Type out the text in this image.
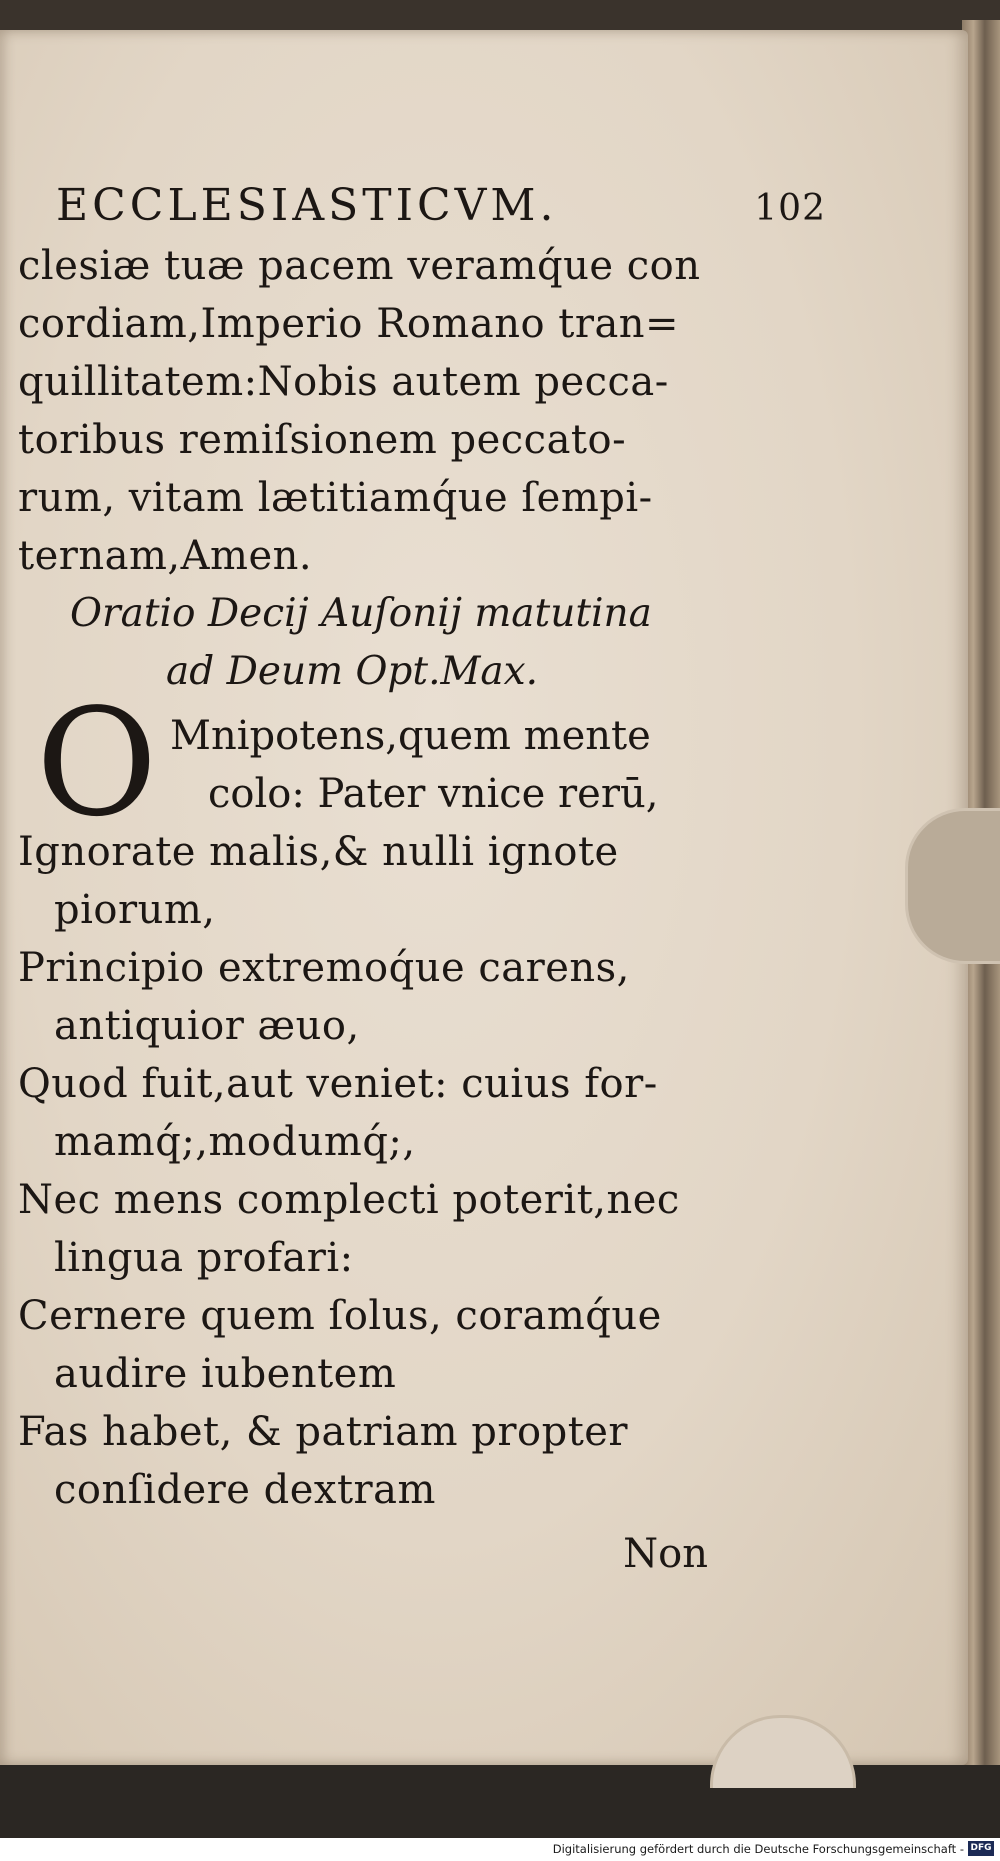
ECCLESIASTICVM.	102
clesiæ tuæ pacem veramq́ue con
cordiam,Imperio Romano tran=
quillitatem:Nobis autem pecca-
toribus remiſsionem peccato-
rum, vitam lætitiamq́ue ſempi-
ternam,Amen.
Oratio Decij Auſonij matutina
ad Deum Opt.Max.
O Mnipotens,quem mente
colo: Pater vnice rerū,
Ignorate malis,& nulli ignote
piorum,
Principio extremoq́ue carens,
antiquior æuo,
Quod fuit,aut veniet: cuius for-
mamq́;,modumq́;,
Nec mens complecti poterit,nec
lingua profari:
Cernere quem ſolus, coramq́ue
audire iubentem
Fas habet, & patriam propter
conſidere dextram
Non
Digitalisierung gefördert durch die Deutsche Forschungsgemeinschaft - DFG
